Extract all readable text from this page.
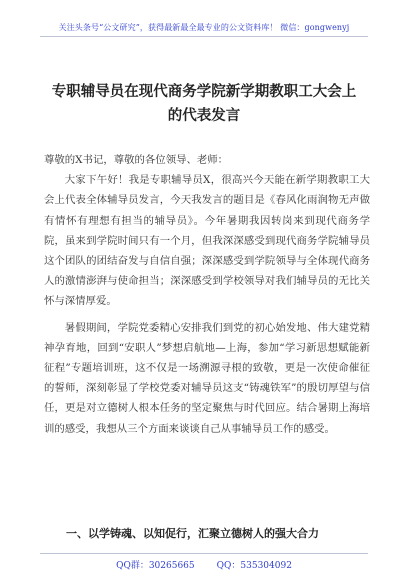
关注头条号“公文研究”，获得最新最全最专业的公文资料库！ 微信：gongwenyj
专职辅导员在现代商务学院新学期教职工大会上
的代表发言

尊敬的X书记，尊敬的各位领导、老师：

大家下午好！我是专职辅导员X，很高兴今天能在新学期教职工大会上代表全体辅导员发言，今天我发言的题目是《春风化雨润物无声做有情怀有理想有担当的辅导员》。今年暑期我因转岗来到现代商务学院，虽来到学院时间只有一个月，但我深深感受到现代商务学院辅导员这个团队的团结奋发与自信自强；深深感受到学院领导与全体现代商务人的激情澎湃与使命担当；深深感受到学校领导对我们辅导员的无比关怀与深情厚爱。

暑假期间，学院党委精心安排我们到党的初心始发地、伟大建党精神孕育地，回到“安职人”梦想启航地—上海，参加“学习新思想赋能新征程”专题培训班，这不仅是一场溯源寻根的致敬，更是一次使命催征的誓师，深刻彰显了学校党委对辅导员这支“铸魂铁军”的殷切厚望与信任，更是对立德树人根本任务的坚定聚焦与时代回应。结合暑期上海培训的感受，我想从三个方面来谈谈自己从事辅导员工作的感受。

一、以学铸魂、以知促行，汇聚立德树人的强大合力
QQ群：30265665 QQ：535304092
